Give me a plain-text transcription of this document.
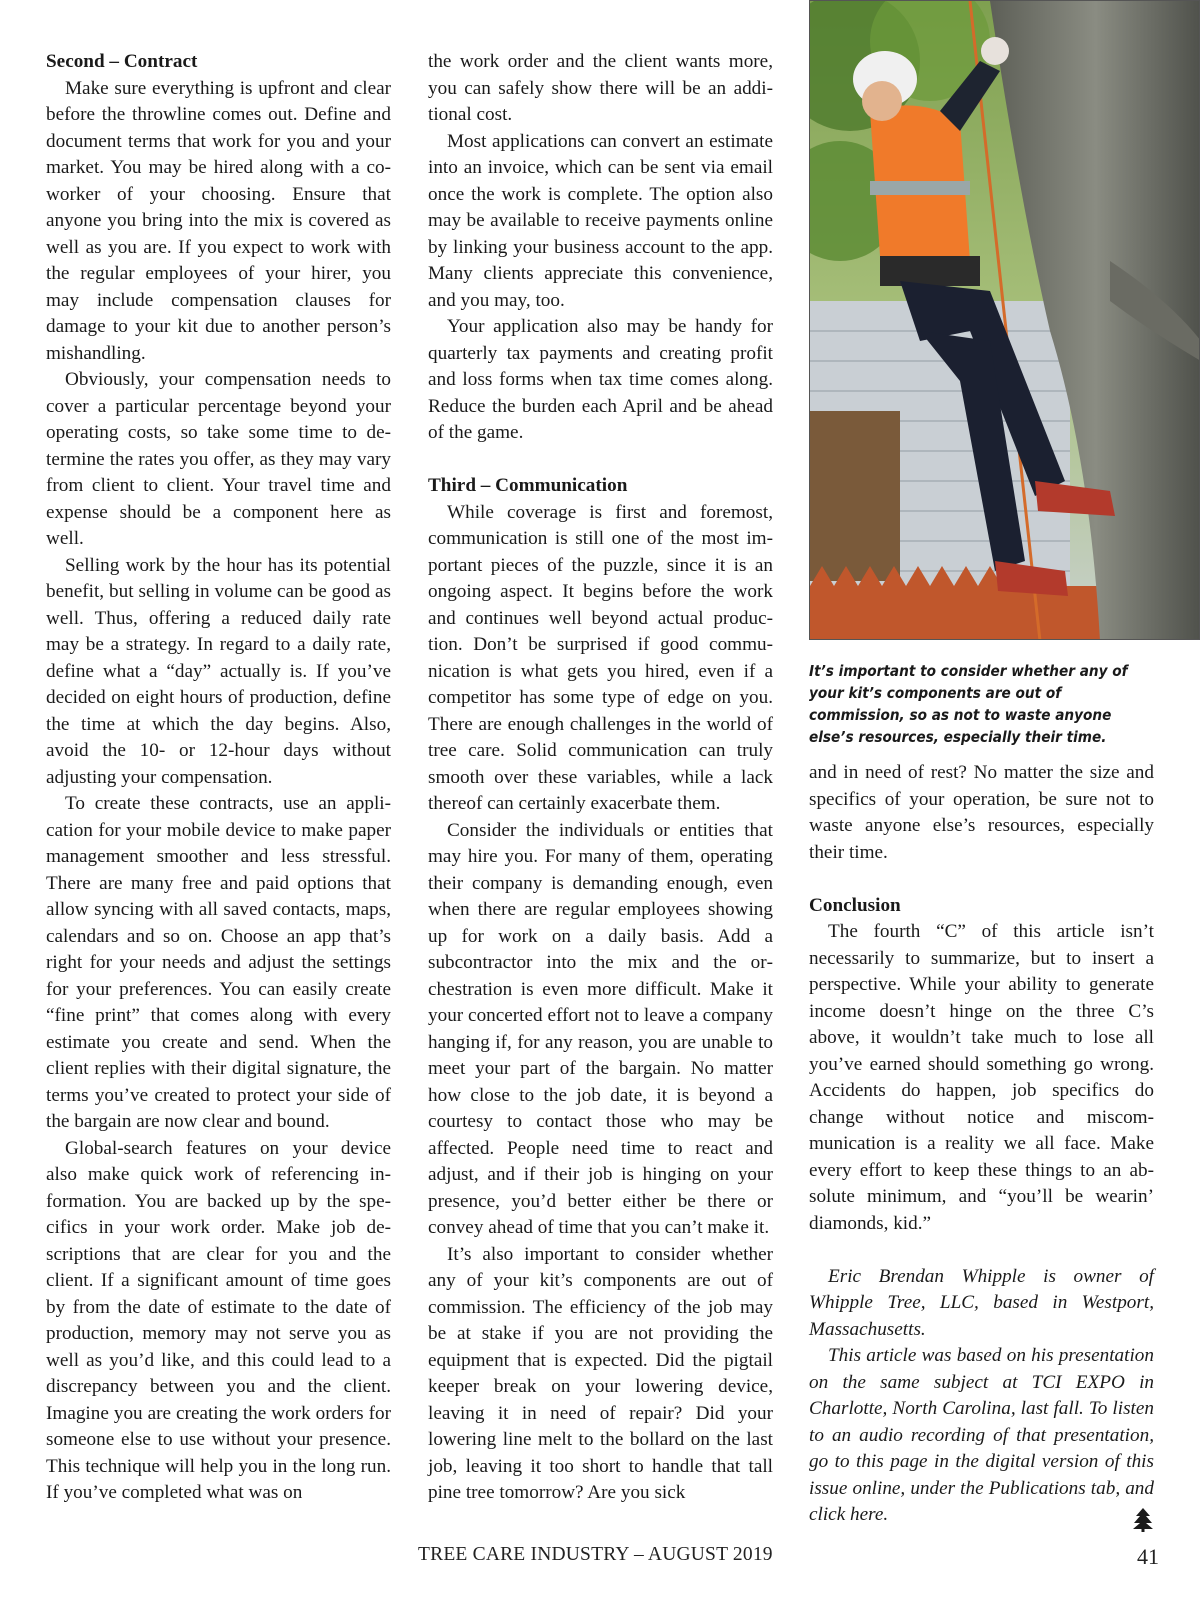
Second – Contract

Make sure everything is upfront and clear before the throwline comes out. Define and document terms that work for you and your market. You may be hired along with a co-worker of your choosing. Ensure that anyone you bring into the mix is covered as well as you are. If you expect to work with the regular employees of your hirer, you may include compensation clauses for damage to your kit due to another person’s mishandling.

Obviously, your compensation needs to cover a particular percentage beyond your operating costs, so take some time to determine the rates you offer, as they may vary from client to client. Your travel time and expense should be a component here as well.

Selling work by the hour has its potential benefit, but selling in volume can be good as well. Thus, offering a reduced daily rate may be a strategy. In regard to a daily rate, define what a “day” actually is. If you’ve decided on eight hours of production, define the time at which the day begins. Also, avoid the 10- or 12-hour days without adjusting your compensation.

To create these contracts, use an application for your mobile device to make paper management smoother and less stressful. There are many free and paid options that allow syncing with all saved contacts, maps, calendars and so on. Choose an app that’s right for your needs and adjust the settings for your preferences. You can easily create “fine print” that comes along with every estimate you create and send. When the client replies with their digital signature, the terms you’ve created to protect your side of the bargain are now clear and bound.

Global-search features on your device also make quick work of referencing information. You are backed up by the specifics in your work order. Make job descriptions that are clear for you and the client. If a significant amount of time goes by from the date of estimate to the date of production, memory may not serve you as well as you’d like, and this could lead to a discrepancy between you and the client. Imagine you are creating the work orders for someone else to use without your presence. This technique will help you in the long run. If you’ve completed what was on

the work order and the client wants more, you can safely show there will be an additional cost.

Most applications can convert an estimate into an invoice, which can be sent via email once the work is complete. The option also may be available to receive payments online by linking your business account to the app. Many clients appreciate this convenience, and you may, too.

Your application also may be handy for quarterly tax payments and creating profit and loss forms when tax time comes along. Reduce the burden each April and be ahead of the game.

Third – Communication

While coverage is first and foremost, communication is still one of the most important pieces of the puzzle, since it is an ongoing aspect. It begins before the work and continues well beyond actual production. Don’t be surprised if good communication is what gets you hired, even if a competitor has some type of edge on you. There are enough challenges in the world of tree care. Solid communication can truly smooth over these variables, while a lack thereof can certainly exacerbate them.

Consider the individuals or entities that may hire you. For many of them, operating their company is demanding enough, even when there are regular employees showing up for work on a daily basis. Add a subcontractor into the mix and the orchestration is even more difficult. Make it your concerted effort not to leave a company hanging if, for any reason, you are unable to meet your part of the bargain. No matter how close to the job date, it is beyond a courtesy to contact those who may be affected. People need time to react and adjust, and if their job is hinging on your presence, you’d better either be there or convey ahead of time that you can’t make it.

It’s also important to consider whether any of your kit’s components are out of commission. The efficiency of the job may be at stake if you are not providing the equipment that is expected. Did the pigtail keeper break on your lowering device, leaving it in need of repair? Did your lowering line melt to the bollard on the last job, leaving it too short to handle that tall pine tree tomorrow? Are you sick

It’s important to consider whether any of your kit’s components are out of commission, so as not to waste anyone else’s resources, especially their time.

and in need of rest? No matter the size and specifics of your operation, be sure not to waste anyone else’s resources, especially their time.

Conclusion

The fourth “C” of this article isn’t necessarily to summarize, but to insert a perspective. While your ability to generate income doesn’t hinge on the three C’s above, it wouldn’t take much to lose all you’ve earned should something go wrong. Accidents do happen, job specifics do change without notice and miscommunication is a reality we all face. Make every effort to keep these things to an absolute minimum, and “you’ll be wearin’ diamonds, kid.”

Eric Brendan Whipple is owner of Whipple Tree, LLC, based in Westport, Massachusetts.

This article was based on his presentation on the same subject at TCI EXPO in Charlotte, North Carolina, last fall. To listen to an audio recording of that presentation, go to this page in the digital version of this issue online, under the Publications tab, and click here.

TREE CARE INDUSTRY – AUGUST 2019	41
